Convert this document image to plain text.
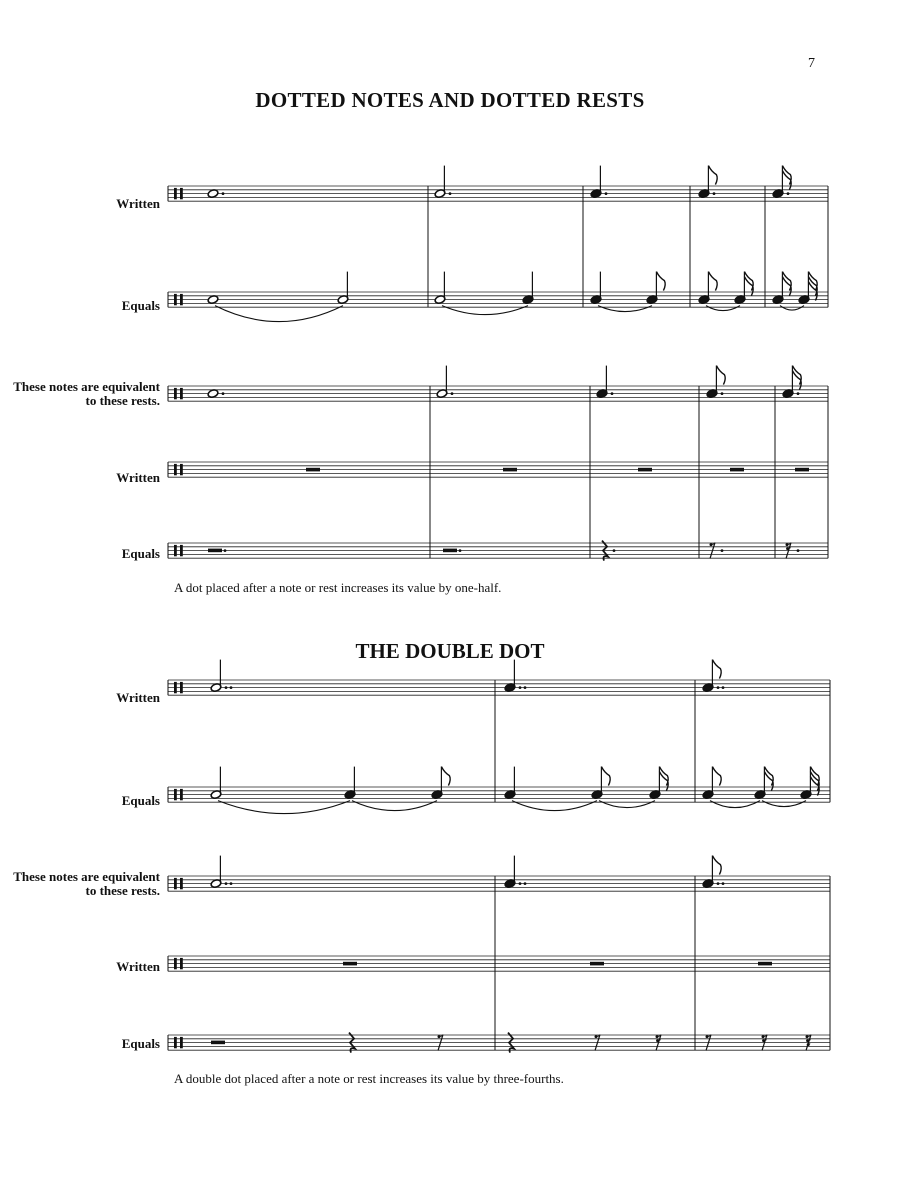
7
DOTTED NOTES AND DOTTED RESTS
THE DOUBLE DOT
Written
Equals
These notes are equivalent to these rests.
Written
Equals
Written
Equals
These notes are equivalent to these rests.
Written
Equals
A dot placed after a note or rest increases its value by one-half.
A double dot placed after a note or rest increases its value by three-fourths.
